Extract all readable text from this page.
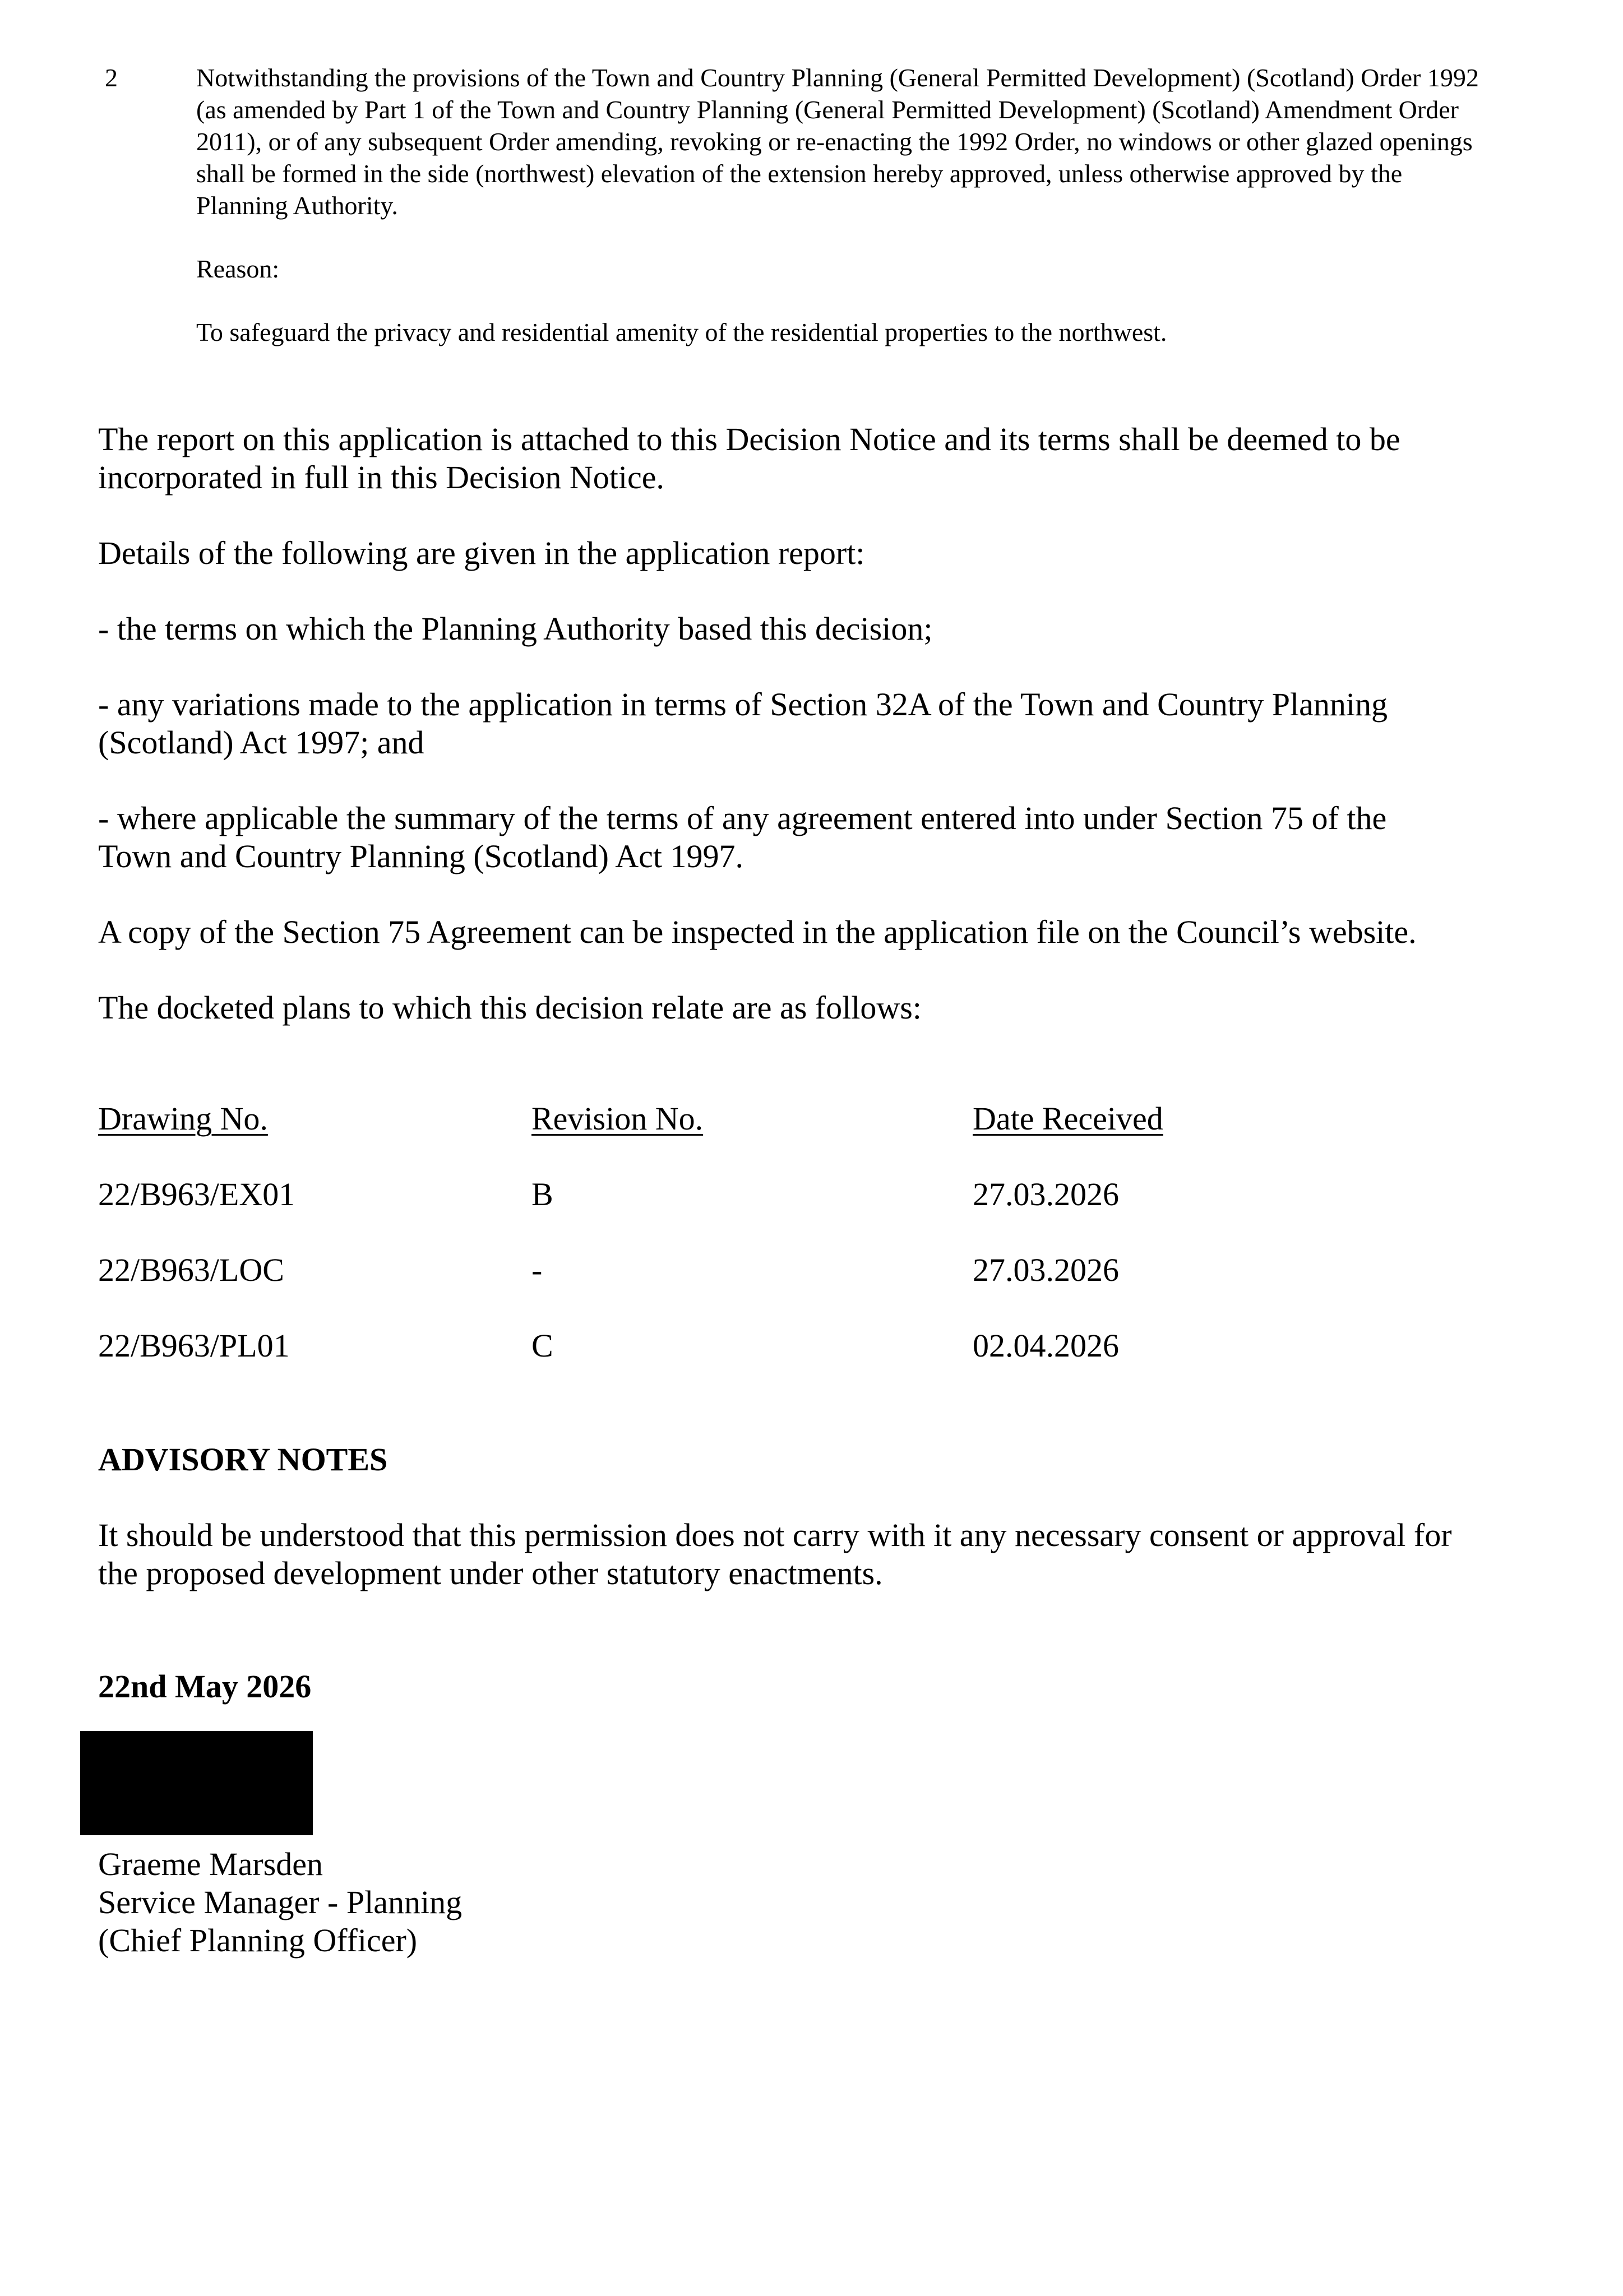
2	Notwithstanding the provisions of the Town and Country Planning (General Permitted Development) (Scotland) Order 1992 (as amended by Part 1 of the Town and Country Planning (General Permitted Development) (Scotland) Amendment Order 2011), or of any subsequent Order amending, revoking or re-enacting the 1992 Order, no windows or other glazed openings shall be formed in the side (northwest) elevation of the extension hereby approved, unless otherwise approved by the Planning Authority.
Reason:
To safeguard the privacy and residential amenity of the residential properties to the northwest.
The report on this application is attached to this Decision Notice and its terms shall be deemed to be incorporated in full in this Decision Notice.
Details of the following are given in the application report:
- the terms on which the Planning Authority based this decision;
- any variations made to the application in terms of Section 32A of the Town and Country Planning (Scotland) Act 1997; and
- where applicable the summary of the terms of any agreement entered into under Section 75 of the Town and Country Planning (Scotland) Act 1997.
A copy of the Section 75 Agreement can be inspected in the application file on the Council’s website.
The docketed plans to which this decision relate are as follows:
Drawing No.	Revision No.	Date Received
22/B963/EX01	B	27.03.2026
22/B963/LOC	-	27.03.2026
22/B963/PL01	C	02.04.2026
ADVISORY NOTES
It should be understood that this permission does not carry with it any necessary consent or approval for the proposed development under other statutory enactments.
22nd May 2026
Graeme Marsden
Service Manager - Planning
(Chief Planning Officer)
